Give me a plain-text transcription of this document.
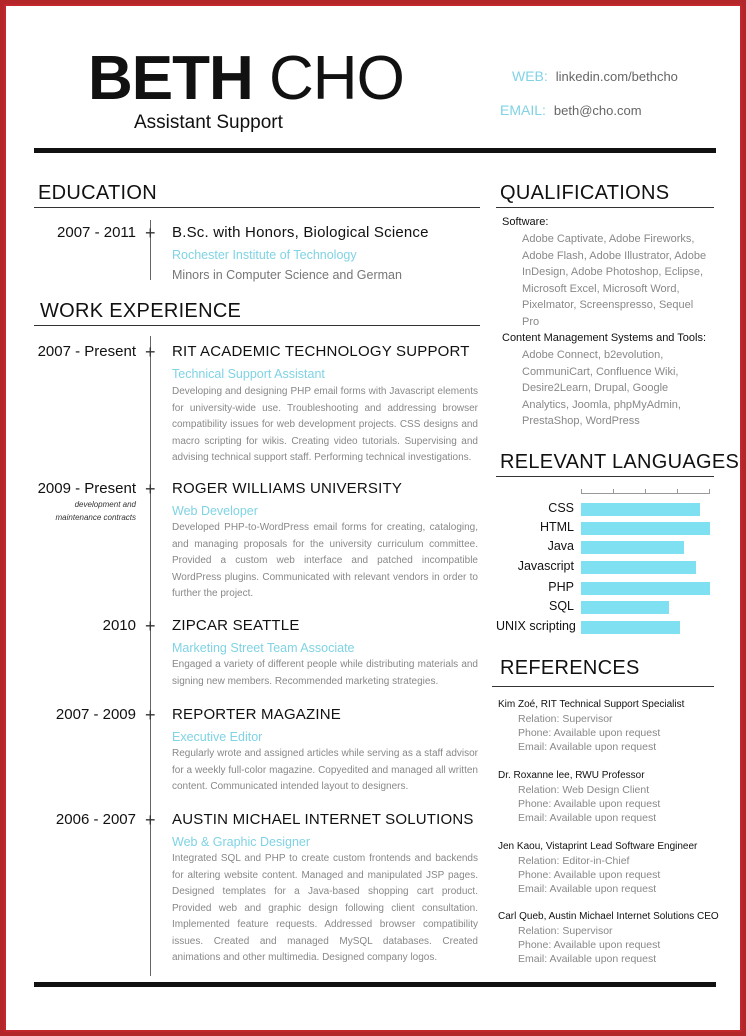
BETH CHO
Assistant Support
WEB: linkedin.com/bethcho
EMAIL: beth@cho.com
EDUCATION
2007 - 2011 + B.Sc. with Honors, Biological Science
Rochester Institute of Technology
Minors in Computer Science and German
WORK EXPERIENCE
2007 - Present + RIT ACADEMIC TECHNOLOGY SUPPORT
Technical Support Assistant
Developing and designing PHP email forms with Javascript elements for university-wide use. Troubleshooting and addressing browser compatibility issues for web development projects. CSS designs and macro scripting for wikis. Creating video tutorials. Supervising and advising technical support staff. Performing technical investigations.
2009 - Present
development and
maintenance contracts
+ ROGER WILLIAMS UNIVERSITY
Web Developer
Developed PHP-to-WordPress email forms for creating, cataloging, and managing proposals for the university curriculum committee. Provided a custom web interface and patched incompatible WordPress plugins. Communicated with relevant vendors in order to further the project.
2010 + ZIPCAR SEATTLE
Marketing Street Team Associate
Engaged a variety of different people while distributing materials and signing new members. Recommended marketing strategies.
2007 - 2009 + REPORTER MAGAZINE
Executive Editor
Regularly wrote and assigned articles while serving as a staff advisor for a weekly full-color magazine. Copyedited and managed all written content. Communicated intended layout to designers.
2006 - 2007 + AUSTIN MICHAEL INTERNET SOLUTIONS
Web & Graphic Designer
Integrated SQL and PHP to create custom frontends and backends for altering website content. Managed and manipulated JSP pages. Designed templates for a Java-based shopping cart product. Provided web and graphic design following client consultation. Implemented feature requests. Addressed browser compatibility issues. Created and managed MySQL databases. Created animations and other multimedia. Designed company logos.
QUALIFICATIONS
Software:
Adobe Captivate, Adobe Fireworks, Adobe Flash, Adobe Illustrator, Adobe InDesign, Adobe Photoshop, Eclipse, Microsoft Excel, Microsoft Word, Pixelmator, Screenspresso, Sequel Pro
Content Management Systems and Tools:
Adobe Connect, b2evolution, CommuniCart, Confluence Wiki, Desire2Learn, Drupal, Google Analytics, Joomla, phpMyAdmin, PrestaShop, WordPress
RELEVANT LANGUAGES
CSS
HTML
Java
Javascript
PHP
SQL
UNIX scripting
REFERENCES
Kim Zoé, RIT Technical Support Specialist
Relation: Supervisor
Phone: Available upon request
Email: Available upon request
Dr. Roxanne lee, RWU Professor
Relation: Web Design Client
Phone: Available upon request
Email: Available upon request
Jen Kaou, Vistaprint Lead Software Engineer
Relation: Editor-in-Chief
Phone: Available upon request
Email: Available upon request
Carl Queb, Austin Michael Internet Solutions CEO
Relation: Supervisor
Phone: Available upon request
Email: Available upon request
